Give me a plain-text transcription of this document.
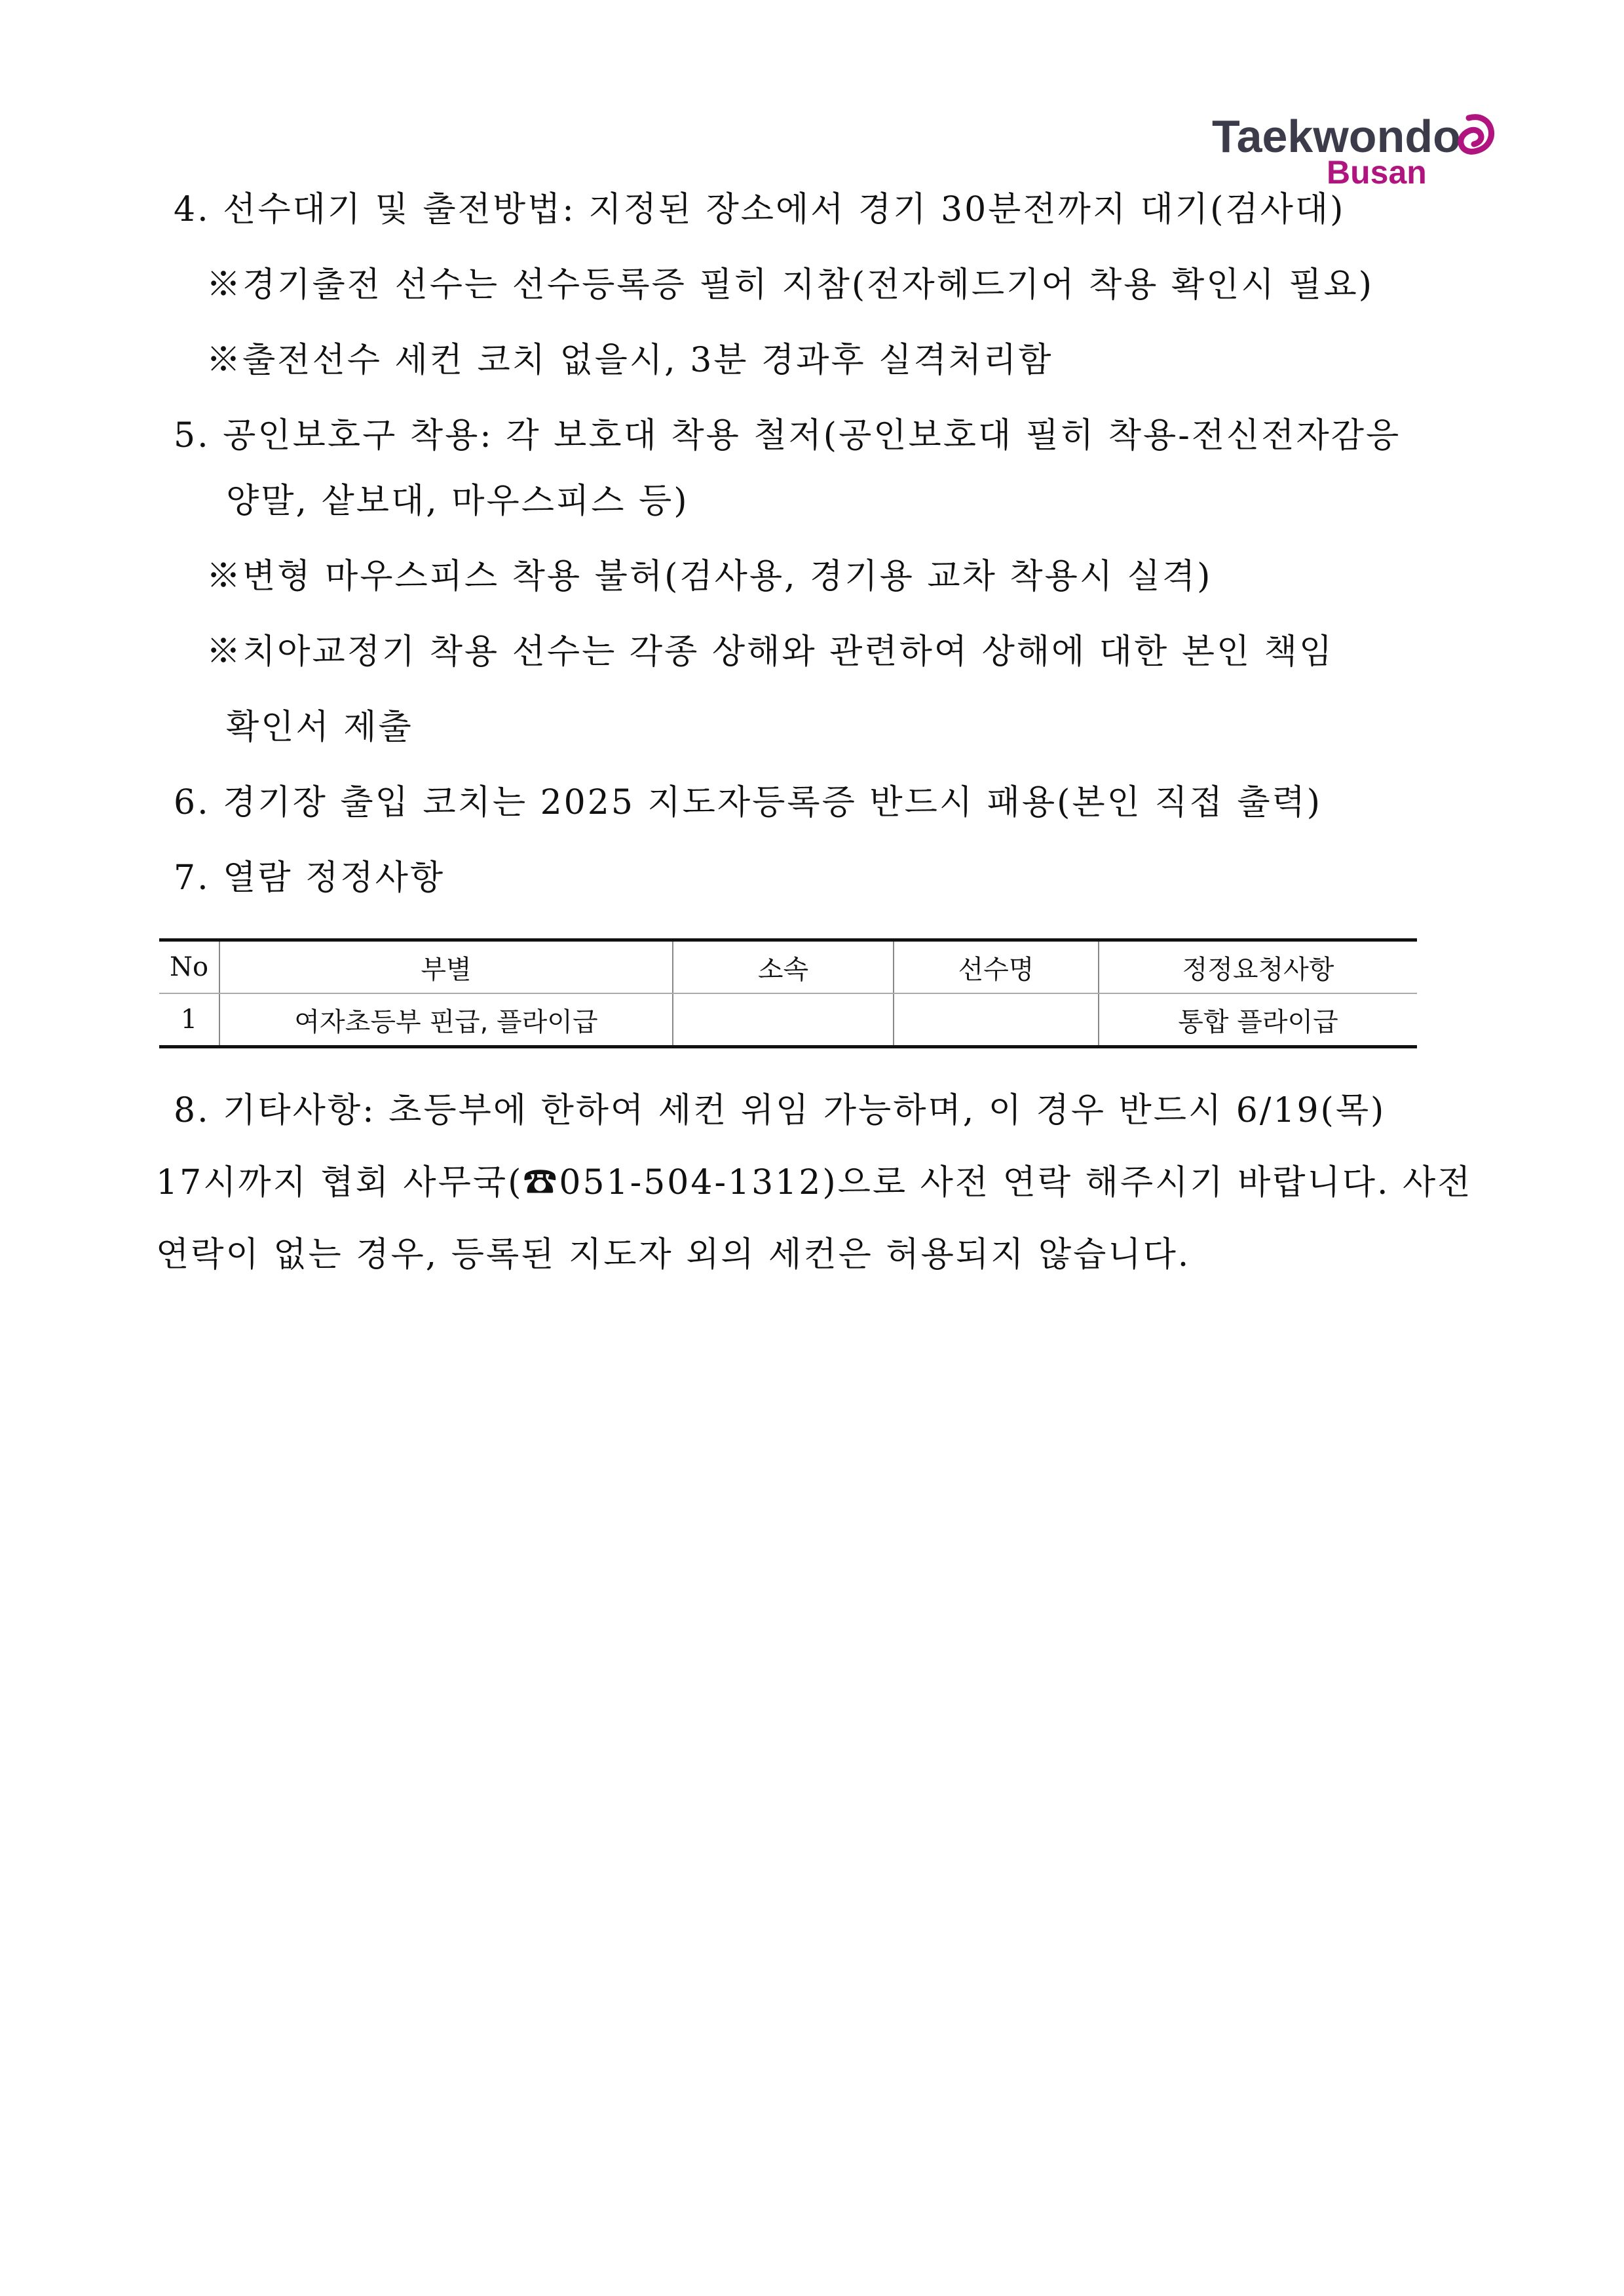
Taekwondo
Busan
4. 선수대기 및 출전방법: 지정된 장소에서 경기 30분전까지 대기(검사대)
※경기출전 선수는 선수등록증 필히 지참(전자헤드기어 착용 확인시 필요)
※출전선수 세컨 코치 없을시, 3분 경과후 실격처리함
5. 공인보호구 착용: 각 보호대 착용 철저(공인보호대 필히 착용-전신전자감응
양말, 샅보대, 마우스피스 등)
※변형 마우스피스 착용 불허(검사용, 경기용 교차 착용시 실격)
※치아교정기 착용 선수는 각종 상해와 관련하여 상해에 대한 본인 책임
확인서 제출
6. 경기장 출입 코치는 2025 지도자등록증 반드시 패용(본인 직접 출력)
7. 열람 정정사항
No	부별	소속	선수명	정정요청사항
1	여자초등부 핀급, 플라이급			통합 플라이급
8. 기타사항: 초등부에 한하여 세컨 위임 가능하며, 이 경우 반드시 6/19(목)
17시까지 협회 사무국(☎051-504-1312)으로 사전 연락 해주시기 바랍니다. 사전
연락이 없는 경우, 등록된 지도자 외의 세컨은 허용되지 않습니다.
